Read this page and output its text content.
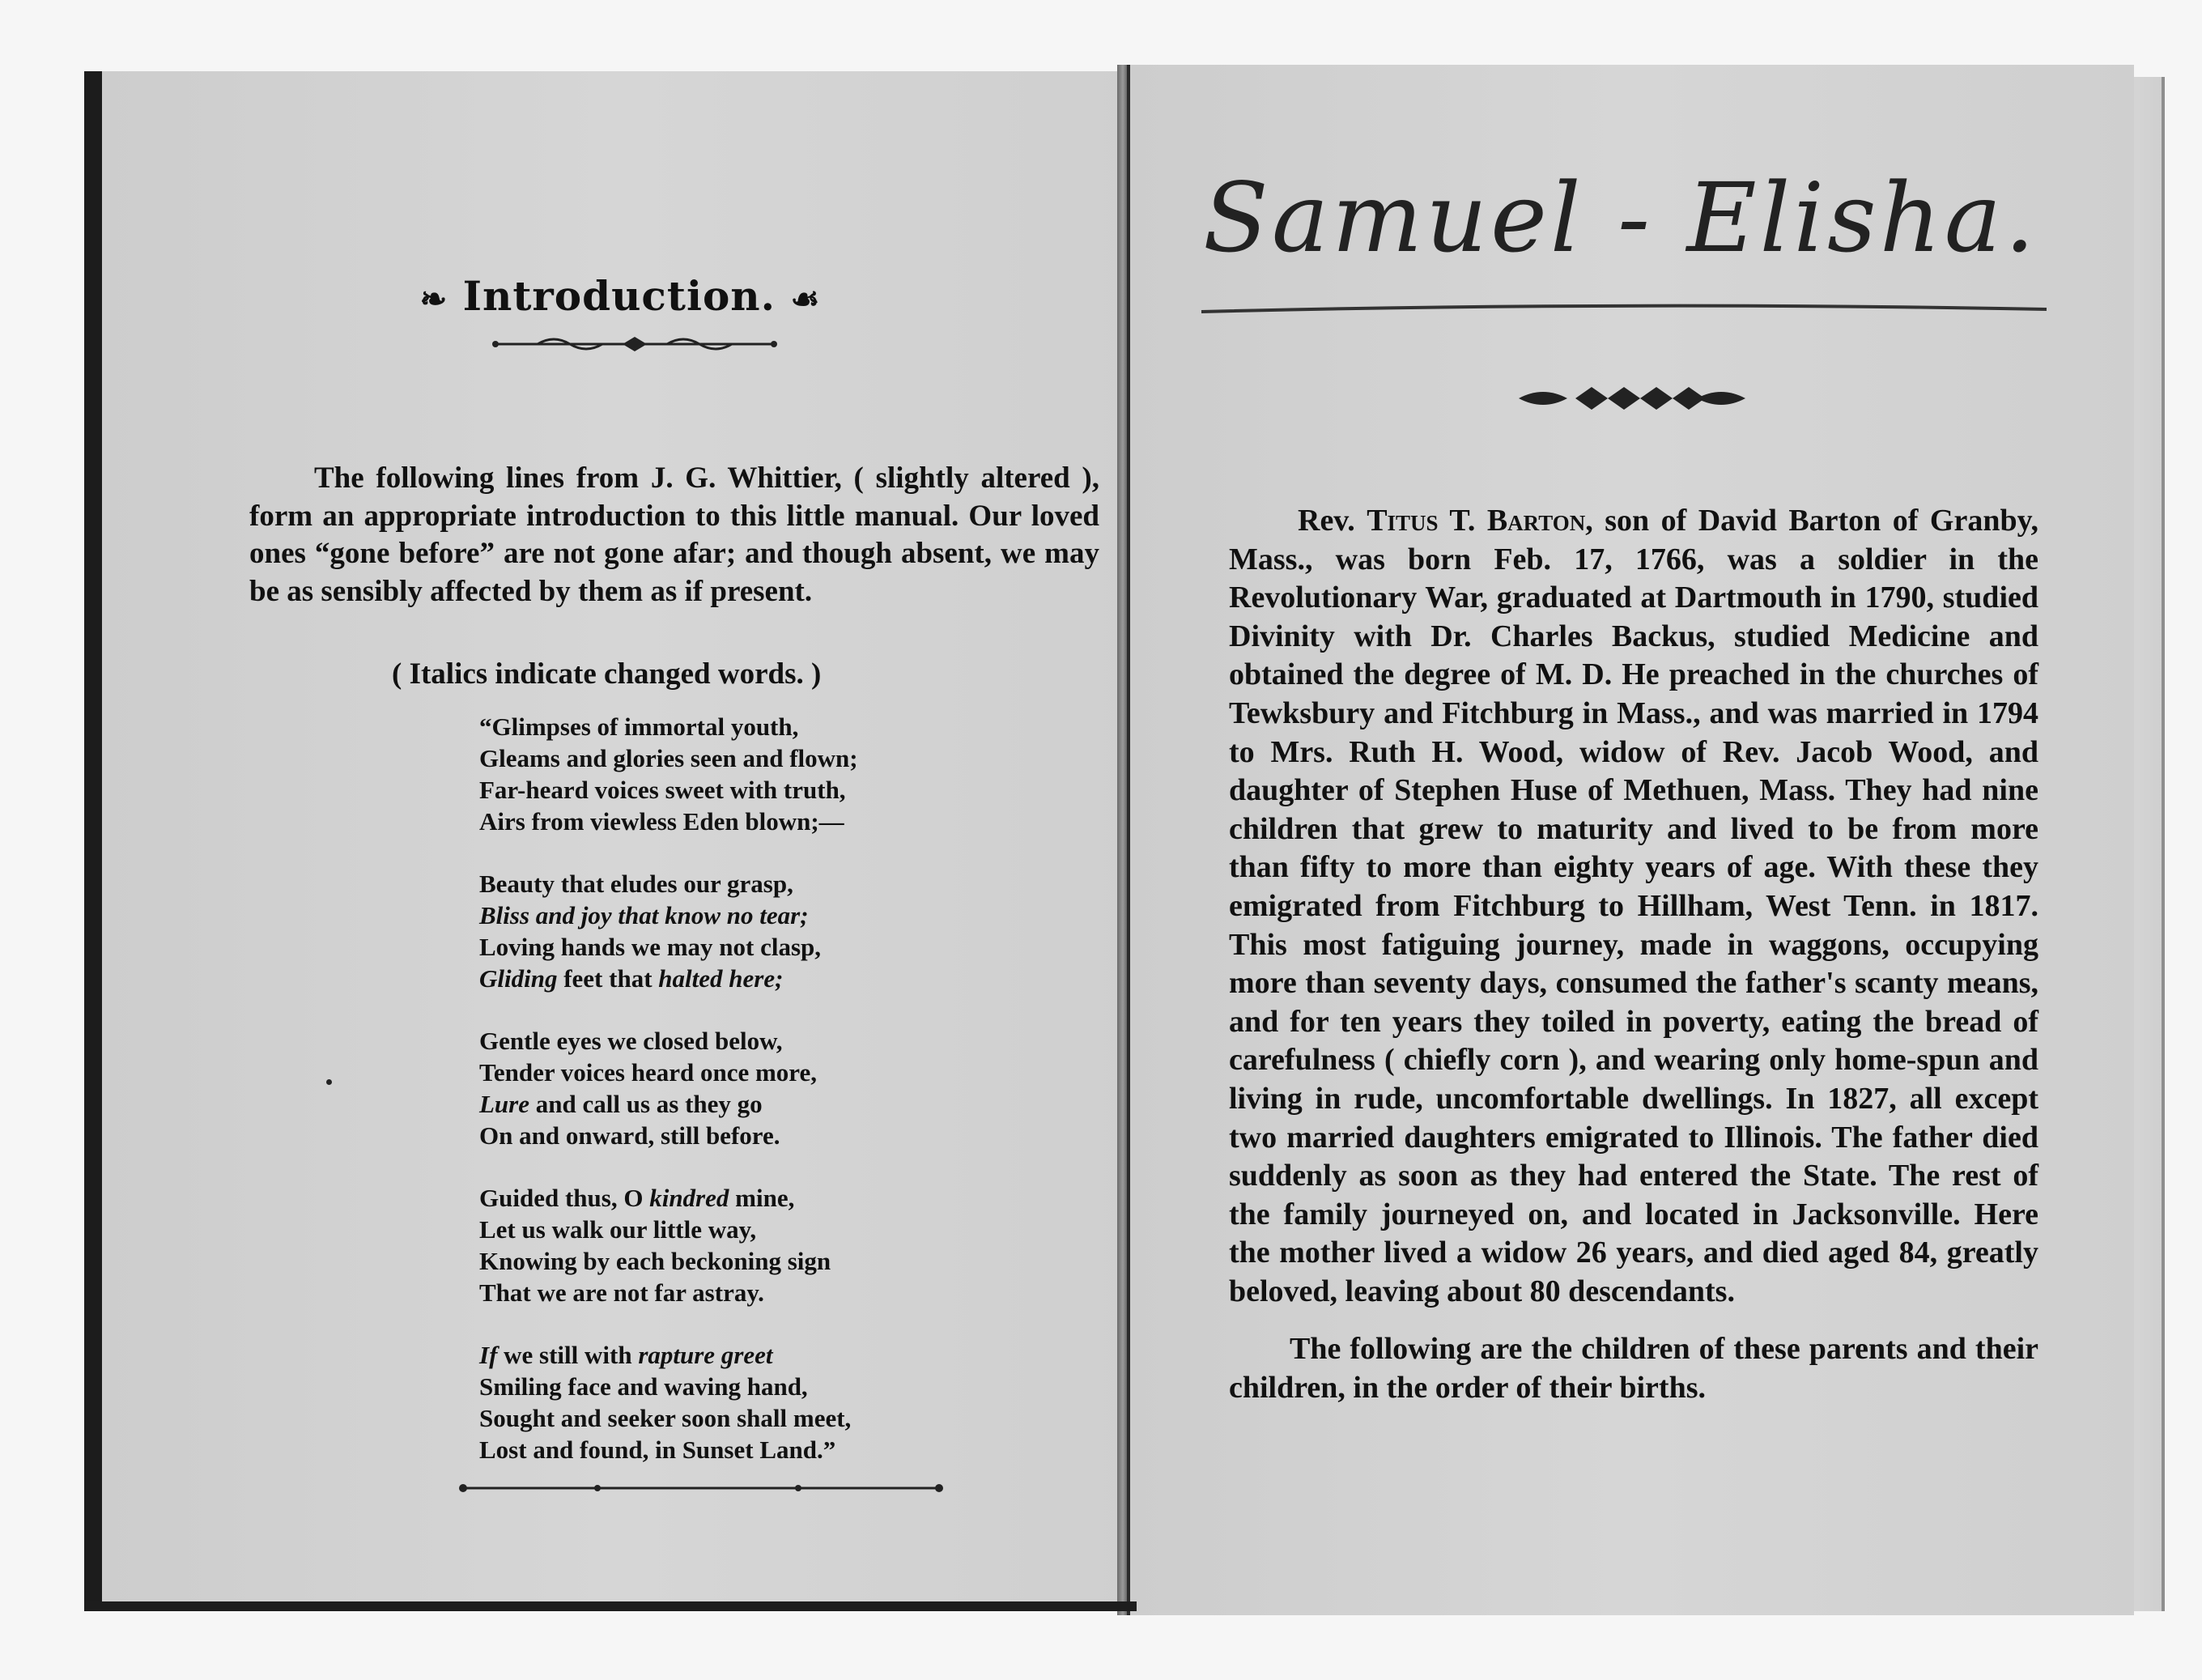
❧ Introduction. ☙

The following lines from J. G. Whittier, ( slightly altered ), form an appropriate introduction to this little manual. Our loved ones “gone before” are not gone afar; and though absent, we may be as sensibly affected by them as if present.

( Italics indicate changed words. )
“Glimpses of immortal youth,
Gleams and glories seen and flown;
Far-heard voices sweet with truth,
Airs from viewless Eden blown;—
Beauty that eludes our grasp,
Bliss and joy that know no tear;
Loving hands we may not clasp,
Gliding feet that halted here;
Gentle eyes we closed below,
Tender voices heard once more,
Lure and call us as they go
On and onward, still before.
Guided thus, O kindred mine,
Let us walk our little way,
Knowing by each beckoning sign
That we are not far astray.
If we still with rapture greet
Smiling face and waving hand,
Sought and seeker soon shall meet,
Lost and found, in Sunset Land.”
ᅠ
Samuel - Elisha.

Rev. Titus T. Barton, son of David Barton of Granby, Mass., was born Feb. 17, 1766, was a soldier in the Revolutionary War, graduated at Dartmouth in 1790, studied Divinity with Dr. Charles Backus, studied Medicine and obtained the degree of M. D. He preached in the churches of Tewksbury and Fitchburg in Mass., and was married in 1794 to Mrs. Ruth H. Wood, widow of Rev. Jacob Wood, and daughter of Stephen Huse of Methuen, Mass. They had nine children that grew to maturity and lived to be from more than fifty to more than eighty years of age. With these they emigrated from Fitchburg to Hillham, West Tenn. in 1817. This most fatiguing journey, made in waggons, occupying more than seventy days, consumed the father's scanty means, and for ten years they toiled in poverty, eating the bread of carefulness ( chiefly corn ), and wearing only home-spun and living in rude, uncomfortable dwellings. In 1827, all except two married daughters emigrated to Illinois. The father died suddenly as soon as they had entered the State. The rest of the family journeyed on, and located in Jacksonville. Here the mother lived a widow 26 years, and died aged 84, greatly beloved, leaving about 80 descendants.

The following are the children of these parents and their children, in the order of their births.
